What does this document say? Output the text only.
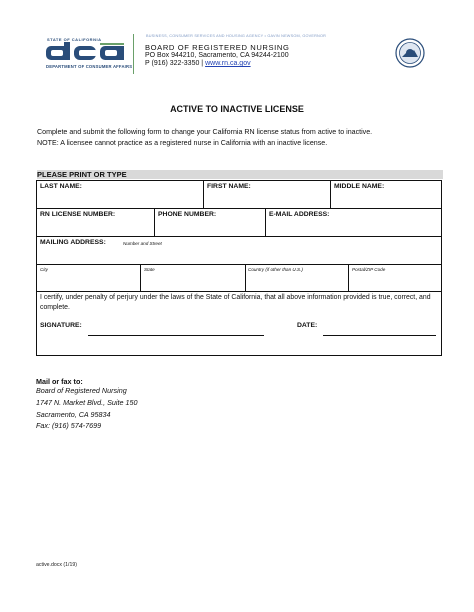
STATE OF CALIFORNIA
DEPARTMENT OF CONSUMER AFFAIRS
BUSINESS, CONSUMER SERVICES AND HOUSING AGENCY • GAVIN NEWSOM, GOVERNOR
BOARD OF REGISTERED NURSING
PO Box 944210, Sacramento, CA 94244-2100
P (916) 322-3350 | www.rn.ca.gov
ACTIVE TO INACTIVE LICENSE
Complete and submit the following form to change your California RN license status from active to inactive.
NOTE: A licensee cannot practice as a registered nurse in California with an inactive license.
PLEASE PRINT OR TYPE
LAST NAME:	FIRST NAME:	MIDDLE NAME:
RN LICENSE NUMBER:	PHONE NUMBER:	E-MAIL ADDRESS:
MAILING ADDRESS:	Number and Street
City	State	Country (if other than U.S.)	Postal/ZIP Code
I certify, under penalty of perjury under the laws of the State of California, that all above information provided is true, correct, and complete.
SIGNATURE:	DATE:
Mail or fax to:
Board of Registered Nursing
1747 N. Market Blvd., Suite 150
Sacramento, CA 95834
Fax: (916) 574-7699
active.docx (1/19)
